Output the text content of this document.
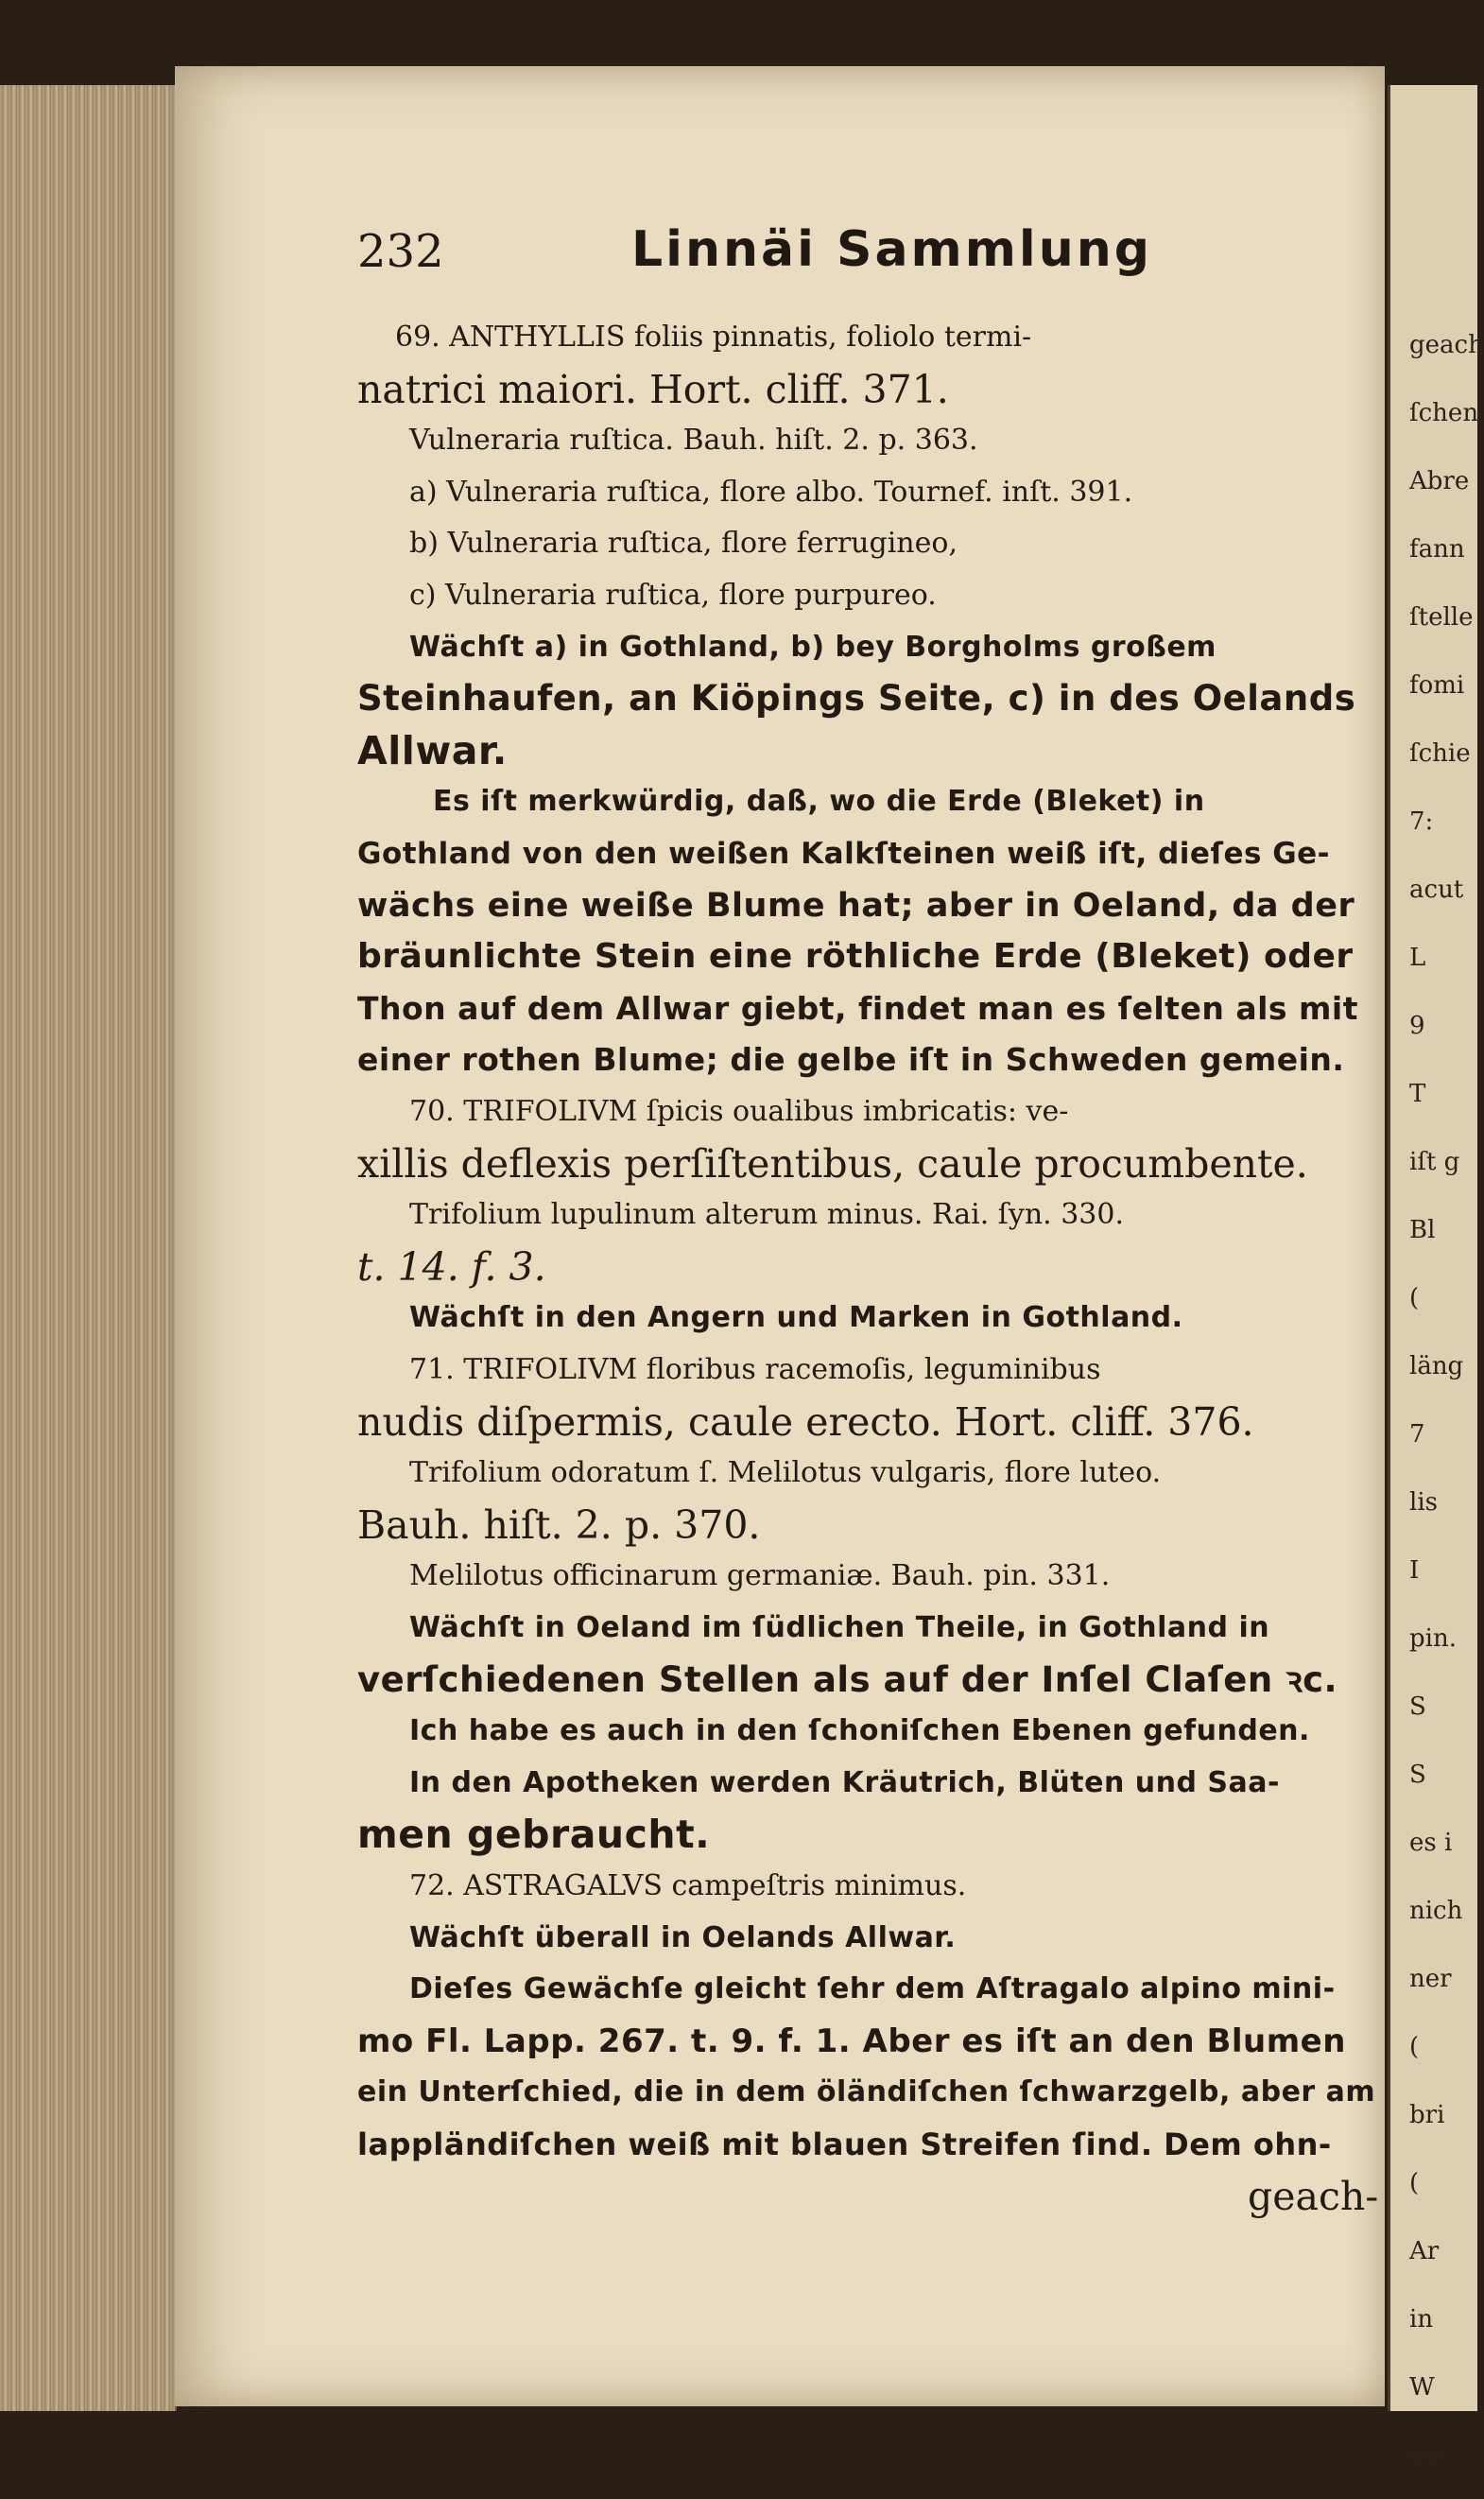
geach

ſchen

Abre

fann

ſtelle

fomi

ſchie

7:

acut

L

9

T

iſt g

Bl

(

läng

7

lis

I

pin.

S

S

es i

nich

ner

(

bri

(

Ar

in

W

nu

232	Linnäi Sammlung
69. ANTHYLLIS foliis pinnatis, foliolo termi-
natrici maiori. Hort. cliff. 371.
Vulneraria ruſtica. Bauh. hiſt. 2. p. 363.
a) Vulneraria ruſtica, flore albo. Tournef. inſt. 391.
b) Vulneraria ruſtica, flore ferrugineo,
c) Vulneraria ruſtica, flore purpureo.
Wächſt a) in Gothland, b) bey Borgholms großem
Steinhaufen, an Kiöpings Seite, c) in des Oelands
Allwar.
Es iſt merkwürdig, daß, wo die Erde (Bleket) in
Gothland von den weißen Kalkſteinen weiß iſt, dieſes Ge-
wächs eine weiße Blume hat; aber in Oeland, da der
bräunlichte Stein eine röthliche Erde (Bleket) oder
Thon auf dem Allwar giebt, findet man es ſelten als mit
einer rothen Blume; die gelbe iſt in Schweden gemein.
70. TRIFOLIVM ſpicis oualibus imbricatis: ve-
xillis deflexis perſiſtentibus, caule procumbente.
Trifolium lupulinum alterum minus. Rai. ſyn. 330.
t. 14. f. 3.
Wächſt in den Angern und Marken in Gothland.
71. TRIFOLIVM floribus racemoſis, leguminibus
nudis diſpermis, caule erecto. Hort. cliff. 376.
Trifolium odoratum ſ. Melilotus vulgaris, flore luteo.
Bauh. hiſt. 2. p. 370.
Melilotus officinarum germaniæ. Bauh. pin. 331.
Wächſt in Oeland im ſüdlichen Theile, in Gothland in
verſchiedenen Stellen als auf der Inſel Claſen ꝛc.
Ich habe es auch in den ſchoniſchen Ebenen gefunden.
In den Apotheken werden Kräutrich, Blüten und Saa-
men gebraucht.
72. ASTRAGALVS campeſtris minimus.
Wächſt überall in Oelands Allwar.
Dieſes Gewächſe gleicht ſehr dem Aſtragalo alpino mini-
mo Fl. Lapp. 267. t. 9. f. 1. Aber es iſt an den Blumen
ein Unterſchied, die in dem öländiſchen ſchwarzgelb, aber am
lappländiſchen weiß mit blauen Streifen ſind. Dem ohn-
geach-
